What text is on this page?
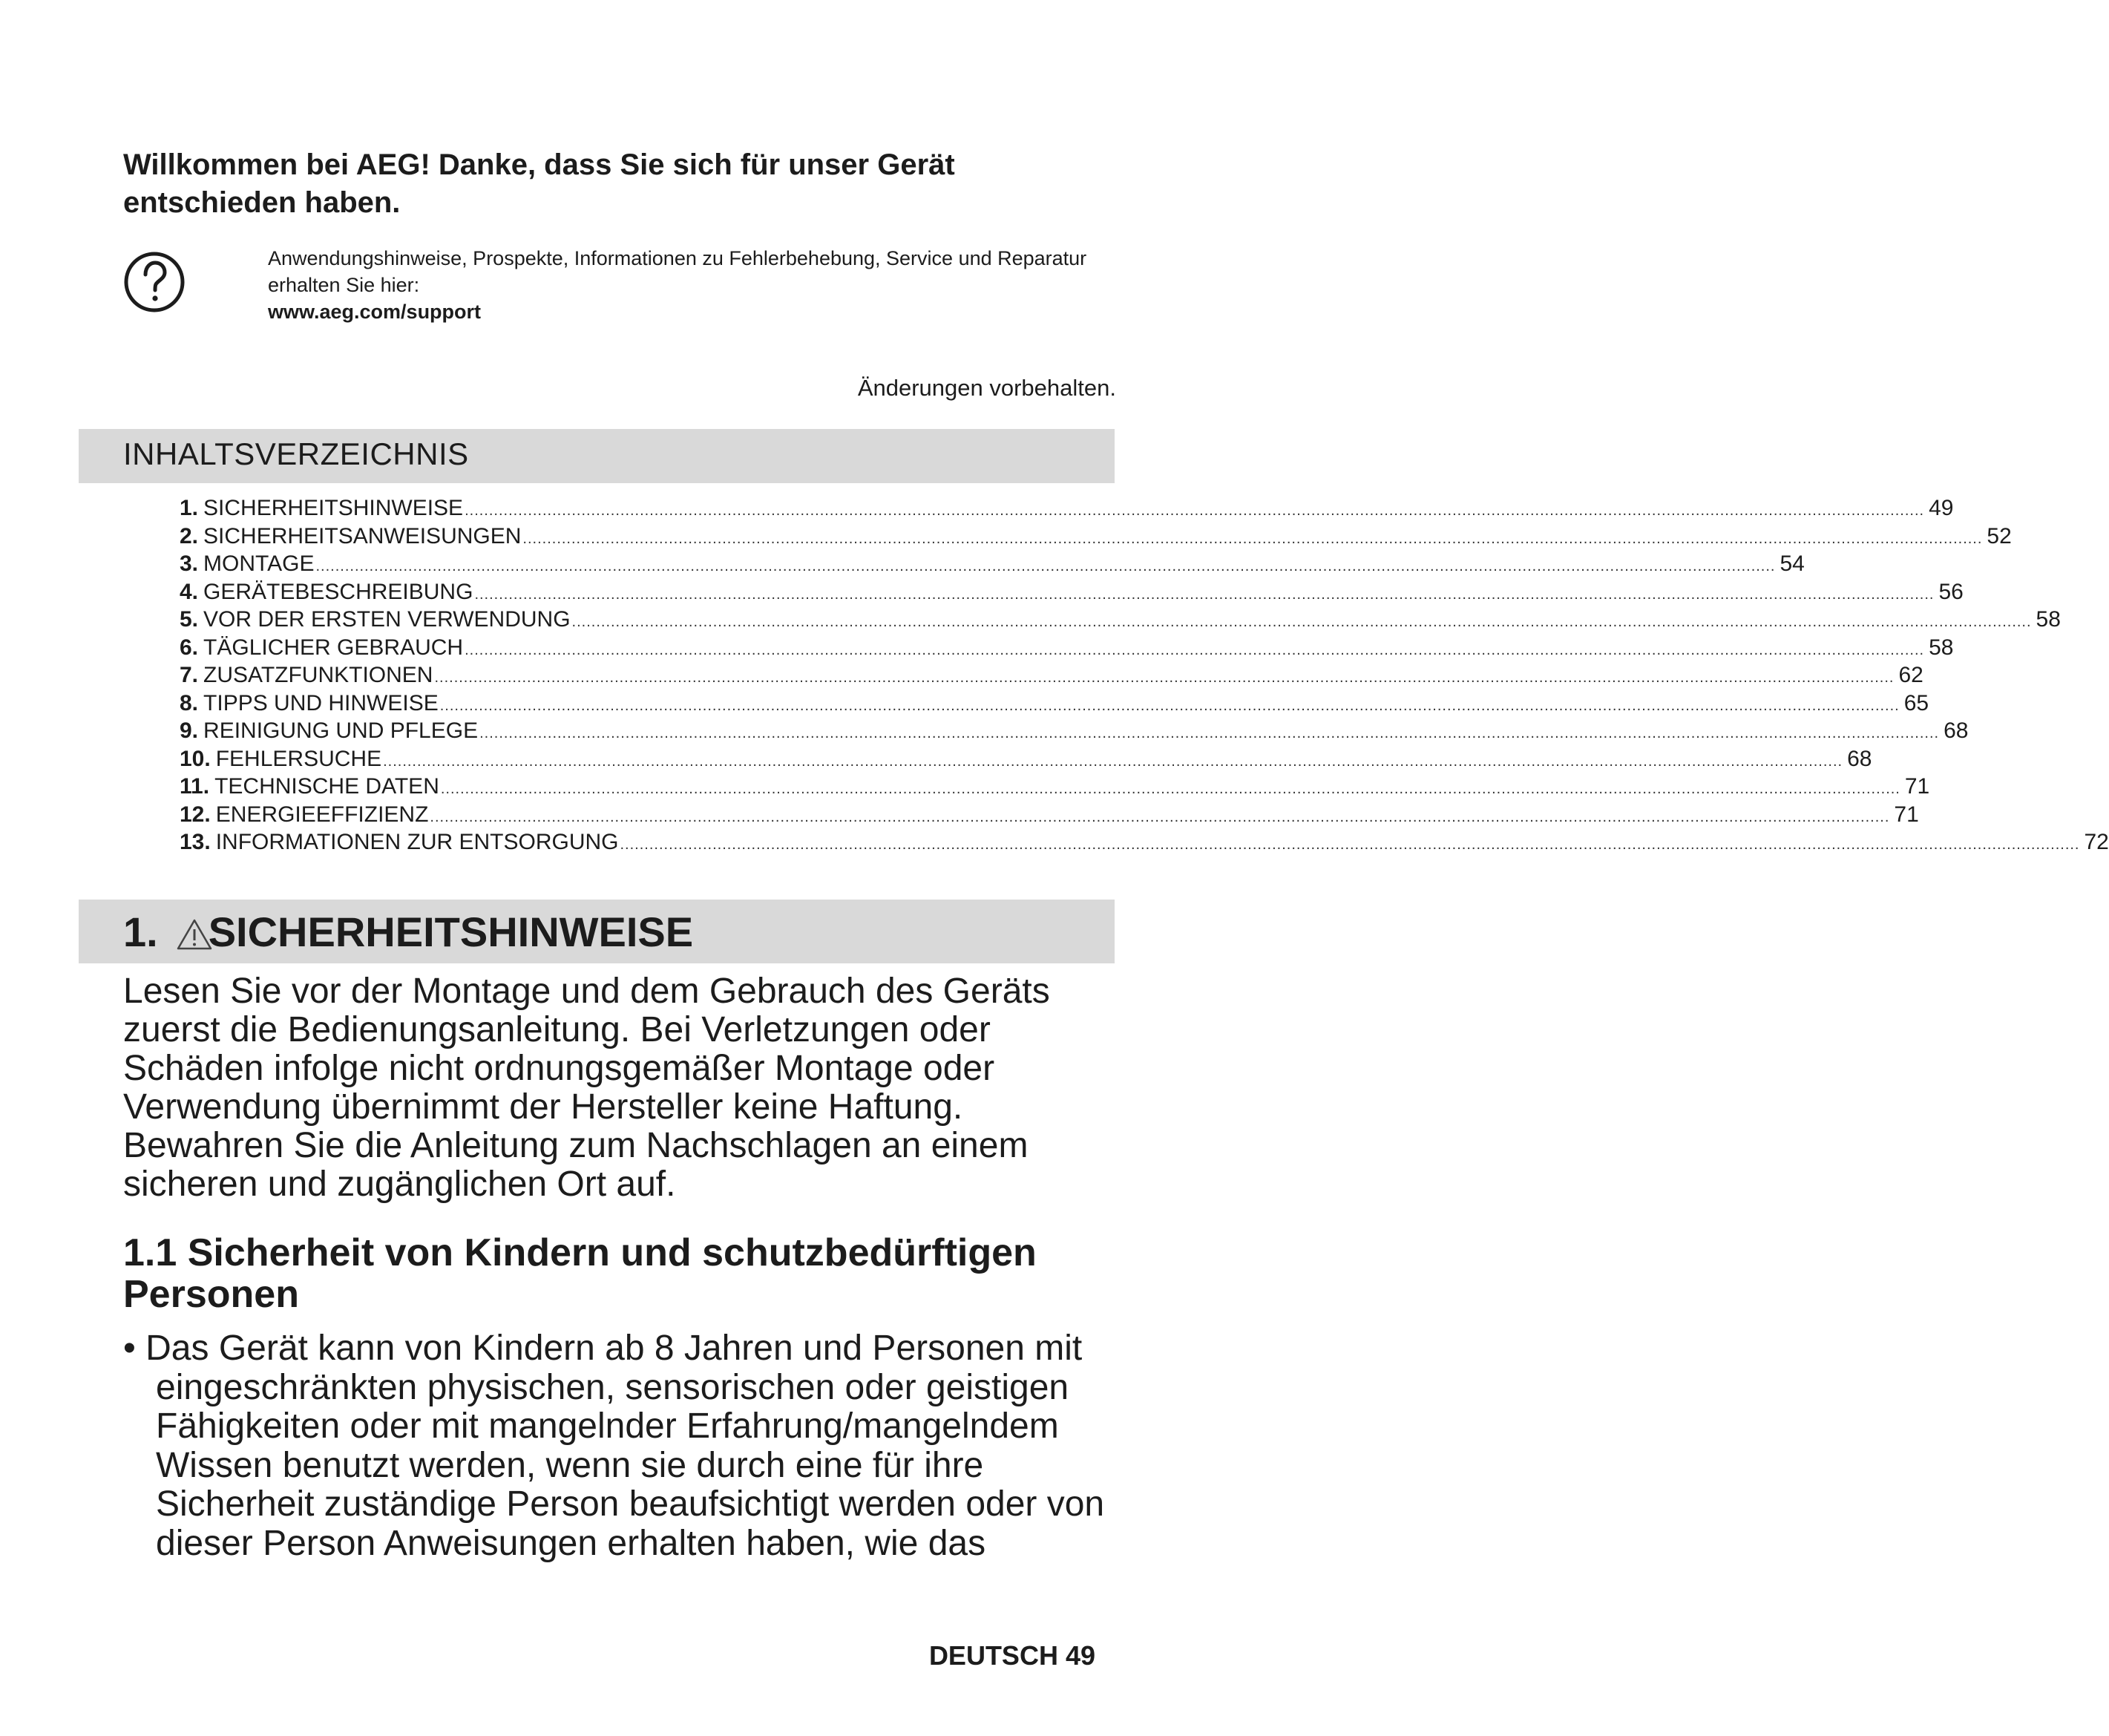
Willkommen bei AEG! Danke, dass Sie sich für unser Gerät entschieden haben.
Anwendungshinweise, Prospekte, Informationen zu Fehlerbehebung, Service und Reparatur erhalten Sie hier:
www.aeg.com/support
Änderungen vorbehalten.
INHALTSVERZEICHNIS
1. SICHERHEITSHINWEISE ............................................................................................................................................................................................................................................................................................................ 49
2. SICHERHEITSANWEISUNGEN ............................................................................................................................................................................................................................................................................................................ 52
3. MONTAGE ............................................................................................................................................................................................................................................................................................................ 54
4. GERÄTEBESCHREIBUNG ............................................................................................................................................................................................................................................................................................................ 56
5. VOR DER ERSTEN VERWENDUNG ............................................................................................................................................................................................................................................................................................................ 58
6. TÄGLICHER GEBRAUCH ............................................................................................................................................................................................................................................................................................................ 58
7. ZUSATZFUNKTIONEN ............................................................................................................................................................................................................................................................................................................ 62
8. TIPPS UND HINWEISE ............................................................................................................................................................................................................................................................................................................ 65
9. REINIGUNG UND PFLEGE ............................................................................................................................................................................................................................................................................................................ 68
10. FEHLERSUCHE ............................................................................................................................................................................................................................................................................................................ 68
11. TECHNISCHE DATEN ............................................................................................................................................................................................................................................................................................................ 71
12. ENERGIEEFFIZIENZ ............................................................................................................................................................................................................................................................................................................ 71
13. INFORMATIONEN ZUR ENTSORGUNG ............................................................................................................................................................................................................................................................................................................ 72
1. SICHERHEITSHINWEISE

Lesen Sie vor der Montage und dem Gebrauch des Geräts zuerst die Bedienungsanleitung. Bei Verletzungen oder Schäden infolge nicht ordnungsgemäßer Montage oder Verwendung übernimmt der Hersteller keine Haftung. Bewahren Sie die Anleitung zum Nachschlagen an einem sicheren und zugänglichen Ort auf.

1.1 Sicherheit von Kindern und schutzbedürftigen Personen

• Das Gerät kann von Kindern ab 8 Jahren und Personen mit eingeschränkten physischen, sensorischen oder geistigen Fähigkeiten oder mit mangelnder Erfahrung/mangelndem Wissen benutzt werden, wenn sie durch eine für ihre Sicherheit zuständige Person beaufsichtigt werden oder von dieser Person Anweisungen erhalten haben, wie das

DEUTSCH 49
